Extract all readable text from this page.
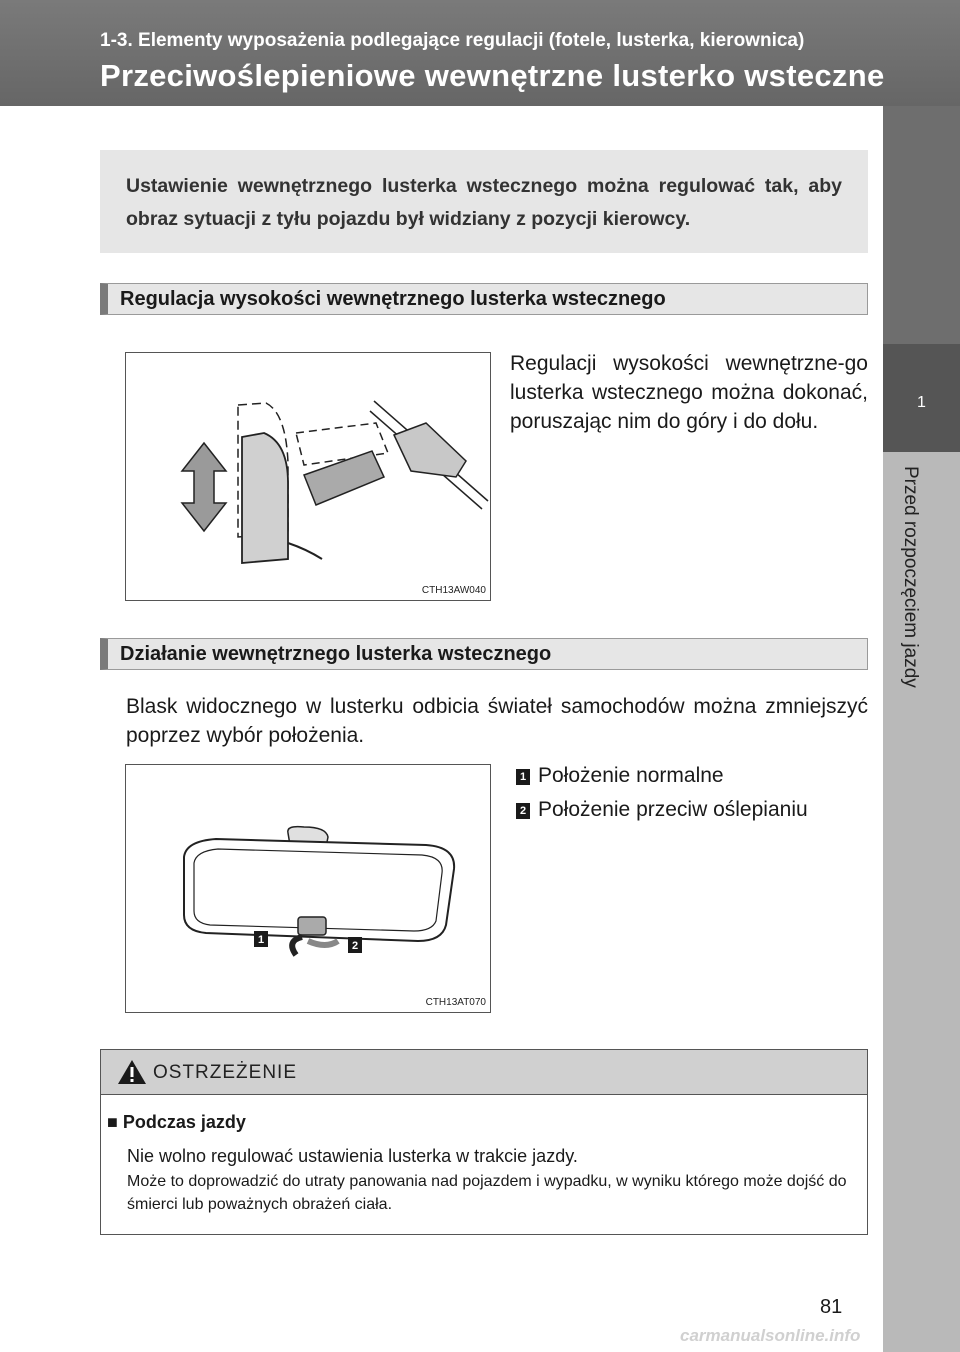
1-3. Elementy wyposażenia podlegające regulacji (fotele, lusterka, kierownica)
Przeciwoślepieniowe wewnętrzne lusterko wsteczne
1
Przed rozpoczęciem jazdy
Ustawienie wewnętrznego lusterka wstecznego można regulować tak, aby obraz sytuacji z tyłu pojazdu był widziany z pozycji kierowcy.
Regulacja wysokości wewnętrznego lusterka wstecznego
CTH13AW040
Regulacji wysokości wewnętrzne-go lusterka wstecznego można dokonać, poruszając nim do góry i do dołu.
Działanie wewnętrznego lusterka wstecznego
Blask widocznego w lusterku odbicia świateł samochodów można zmniejszyć poprzez wybór położenia.
1 Położenie normalne
2 Położenie przeciw oślepianiu
1	2
CTH13AT070
OSTRZEŻENIE
■ Podczas jazdy
Nie wolno regulować ustawienia lusterka w trakcie jazdy.
Może to doprowadzić do utraty panowania nad pojazdem i wypadku, w wyniku którego może dojść do śmierci lub poważnych obrażeń ciała.
81
carmanualsonline.info
